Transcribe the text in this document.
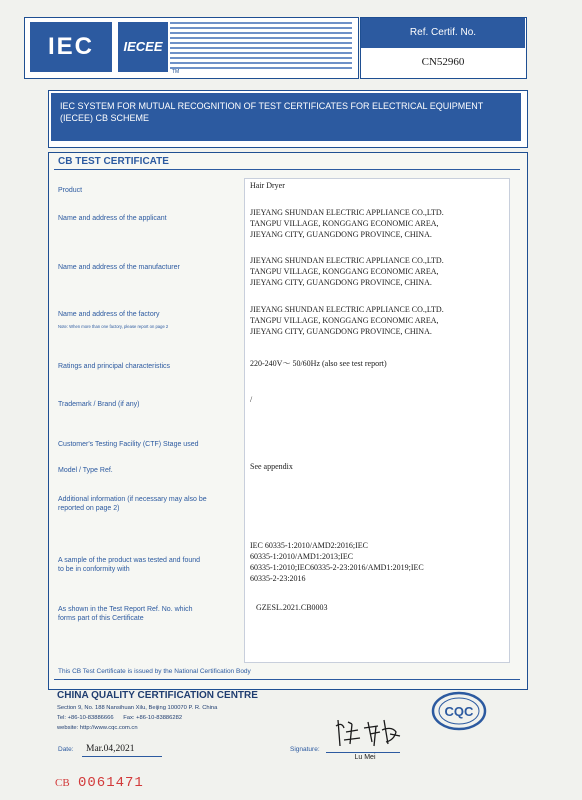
IEC	IECEE
TM
Ref. Certif. No.
CN52960
IEC SYSTEM FOR MUTUAL RECOGNITION OF TEST CERTIFICATES FOR ELECTRICAL EQUIPMENT
(IECEE) CB SCHEME
CB TEST CERTIFICATE
Product
Hair Dryer
Name and address of the applicant
JIEYANG SHUNDAN ELECTRIC APPLIANCE CO.,LTD.
TANGPU VILLAGE, KONGGANG ECONOMIC AREA,
JIEYANG CITY, GUANGDONG PROVINCE, CHINA.
Name and address of the manufacturer
JIEYANG SHUNDAN ELECTRIC APPLIANCE CO.,LTD.
TANGPU VILLAGE, KONGGANG ECONOMIC AREA,
JIEYANG CITY, GUANGDONG PROVINCE, CHINA.
Name and address of the factory
Note: When more than one factory, please report on page 2
JIEYANG SHUNDAN ELECTRIC APPLIANCE CO.,LTD.
TANGPU VILLAGE, KONGGANG ECONOMIC AREA,
JIEYANG CITY, GUANGDONG PROVINCE, CHINA.
Ratings and principal characteristics	220-240V～ 50/60Hz (also see test report)
Trademark / Brand (if any)
/
Customer's Testing Facility (CTF) Stage used
Model / Type Ref.	See appendix
Additional information (if necessary may also be
reported on page 2)
A sample of the product was tested and found
to be in conformity with
IEC 60335-1:2010/AMD2:2016;IEC
60335-1:2010/AMD1:2013;IEC
60335-1:2010;IEC60335-2-23:2016/AMD1:2019;IEC
60335-2-23:2016
As shown in the Test Report Ref. No. which
forms part of this Certificate
GZESL.2021.CB0003
This CB Test Certificate is issued by the National Certification Body
CHINA QUALITY CERTIFICATION CENTRE
Section 9, No. 188 Nansihuan Xilu, Beijing 100070 P. R. China
Tel: +86-10-83886666      Fax: +86-10-83886282
website: http://www.cqc.com.cn
CQC
Date: Mar.04,2021	Signature:
Lu Mei
CB 0061471
